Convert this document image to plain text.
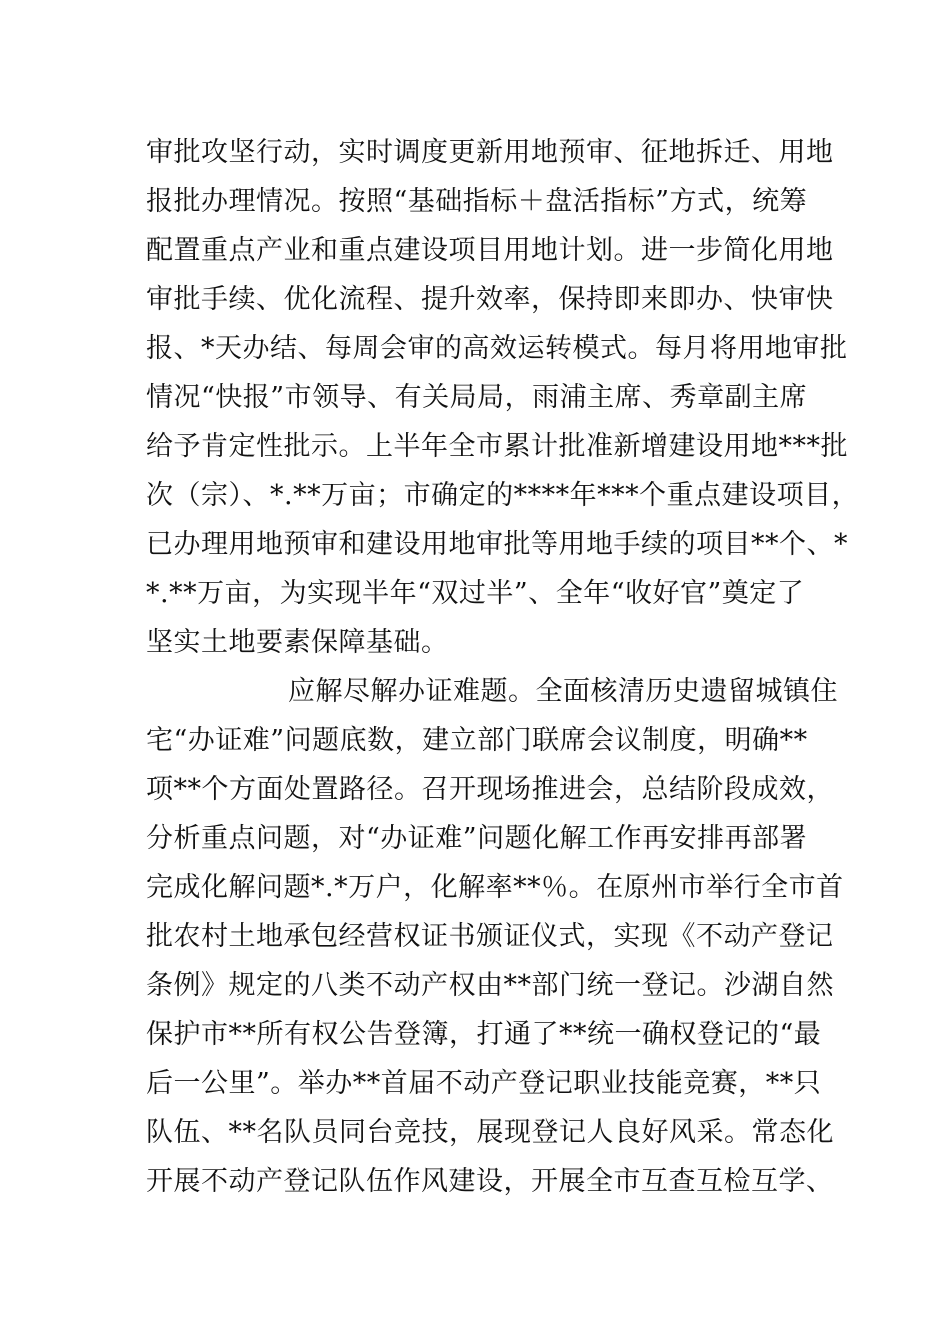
审批攻坚行动，实时调度更新用地预审、征地拆迁、用地
报批办理情况。按照“基础指标＋盘活指标”方式，统筹
配置重点产业和重点建设项目用地计划。进一步简化用地
审批手续、优化流程、提升效率，保持即来即办、快审快
报、*天办结、每周会审的高效运转模式。每月将用地审批
情况“快报”市领导、有关局局，雨浦主席、秀章副主席
给予肯定性批示。上半年全市累计批准新增建设用地***批
次（宗）、*.**万亩；市确定的****年***个重点建设项目，
已办理用地预审和建设用地审批等用地手续的项目**个、*
*.**万亩，为实现半年“双过半”、全年“收好官”奠定了
坚实土地要素保障基础。
应解尽解办证难题。全面核清历史遗留城镇住
宅“办证难”问题底数，建立部门联席会议制度，明确**
项**个方面处置路径。召开现场推进会，总结阶段成效，
分析重点问题，对“办证难”问题化解工作再安排再部署
完成化解问题*.*万户，化解率**％。在原州市举行全市首
批农村土地承包经营权证书颁证仪式，实现《不动产登记
条例》规定的八类不动产权由**部门统一登记。沙湖自然
保护市**所有权公告登簿，打通了**统一确权登记的“最
后一公里”。举办**首届不动产登记职业技能竞赛，**只
队伍、**名队员同台竞技，展现登记人良好风采。常态化
开展不动产登记队伍作风建设，开展全市互查互检互学、
